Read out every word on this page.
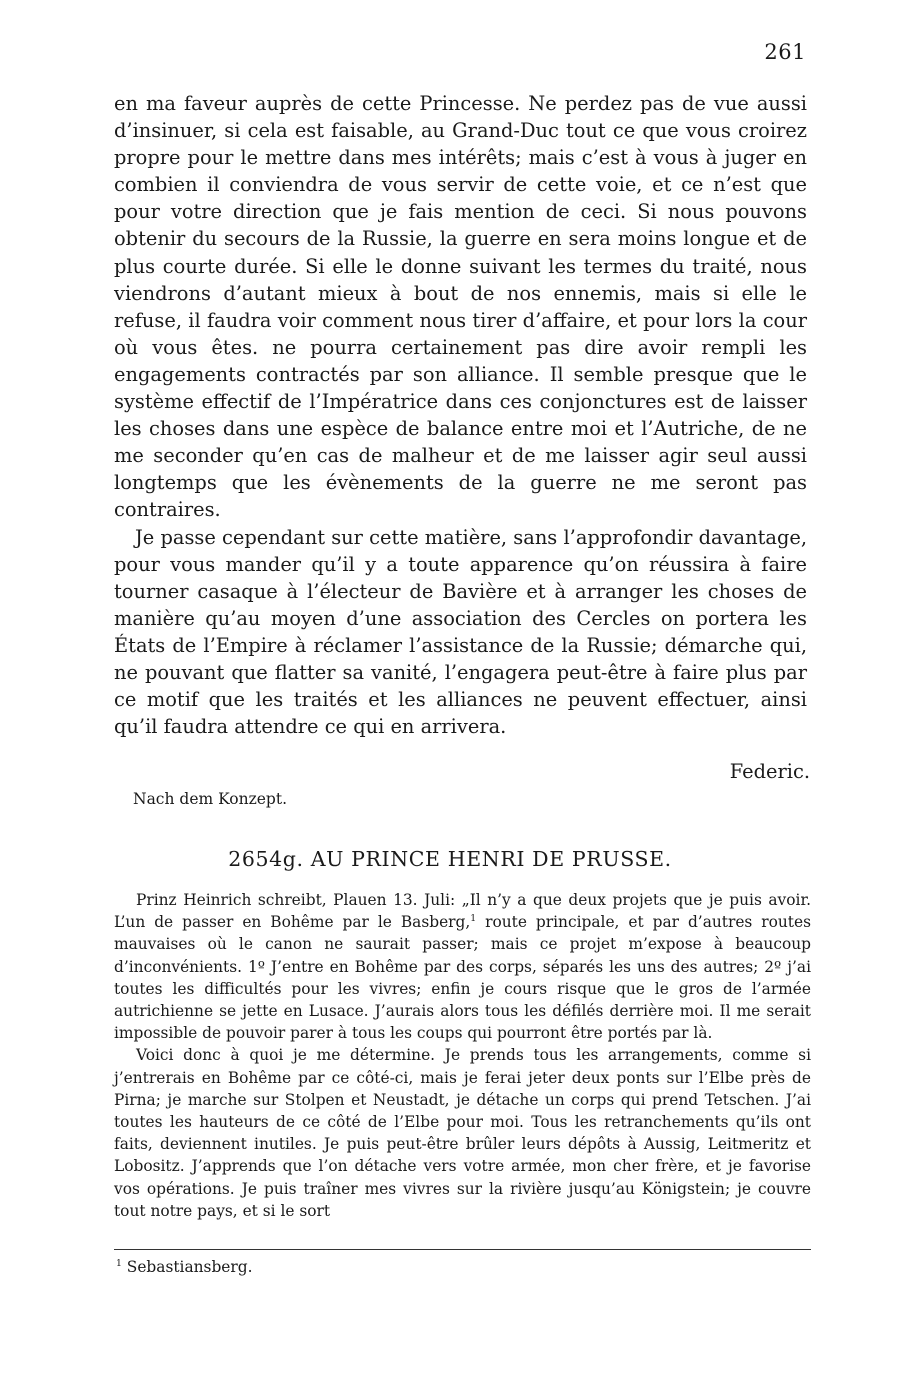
261

en ma faveur auprès de cette Princesse. Ne perdez pas de vue aussi d’insinuer, si cela est faisable, au Grand-Duc tout ce que vous croirez propre pour le mettre dans mes intérêts; mais c’est à vous à juger en combien il conviendra de vous servir de cette voie, et ce n’est que pour votre direction que je fais mention de ceci. Si nous pouvons obtenir du secours de la Russie, la guerre en sera moins longue et de plus courte durée. Si elle le donne suivant les termes du traité, nous viendrons d’autant mieux à bout de nos ennemis, mais si elle le refuse, il faudra voir comment nous tirer d’affaire, et pour lors la cour où vous êtes. ne pourra certainement pas dire avoir rempli les engagements contractés par son alliance. Il semble presque que le système effectif de l’Impératrice dans ces conjonctures est de laisser les choses dans une espèce de balance entre moi et l’Autriche, de ne me seconder qu’en cas de malheur et de me laisser agir seul aussi longtemps que les évènements de la guerre ne me seront pas contraires.

Je passe cependant sur cette matière, sans l’approfondir davantage, pour vous mander qu’il y a toute apparence qu’on réussira à faire tourner casaque à l’électeur de Bavière et à arranger les choses de manière qu’au moyen d’une association des Cercles on portera les États de l’Empire à réclamer l’assistance de la Russie; démarche qui, ne pouvant que flatter sa vanité, l’engagera peut-être à faire plus par ce motif que les traités et les alliances ne peuvent effectuer, ainsi qu’il faudra attendre ce qui en arrivera.

Federic.
Nach dem Konzept.
2654g. AU PRINCE HENRI DE PRUSSE.

Prinz Heinrich schreibt, Plauen 13. Juli: „Il n’y a que deux projets que je puis avoir. L’un de passer en Bohême par le Basberg,$^1$ route principale, et par d’autres routes mauvaises où le canon ne saurait passer; mais ce projet m’expose à beaucoup d’inconvénients. 1º J’entre en Bohême par des corps, séparés les uns des autres; 2º j’ai toutes les difficultés pour les vivres; enfin je cours risque que le gros de l’armée autrichienne se jette en Lusace. J’aurais alors tous les défilés derrière moi. Il me serait impossible de pouvoir parer à tous les coups qui pourront être portés par là.

Voici donc à quoi je me détermine. Je prends tous les arrangements, comme si j’entrerais en Bohême par ce côté-ci, mais je ferai jeter deux ponts sur l’Elbe près de Pirna; je marche sur Stolpen et Neustadt, je détache un corps qui prend Tetschen. J’ai toutes les hauteurs de ce côté de l’Elbe pour moi. Tous les retranchements qu’ils ont faits, deviennent inutiles. Je puis peut-être brûler leurs dépôts à Aussig, Leitmeritz et Lobositz. J’apprends que l’on détache vers votre armée, mon cher frère, et je favorise vos opérations. Je puis traîner mes vivres sur la rivière jusqu’au Königstein; je couvre tout notre pays, et si le sort

$^1$ Sebastiansberg.
